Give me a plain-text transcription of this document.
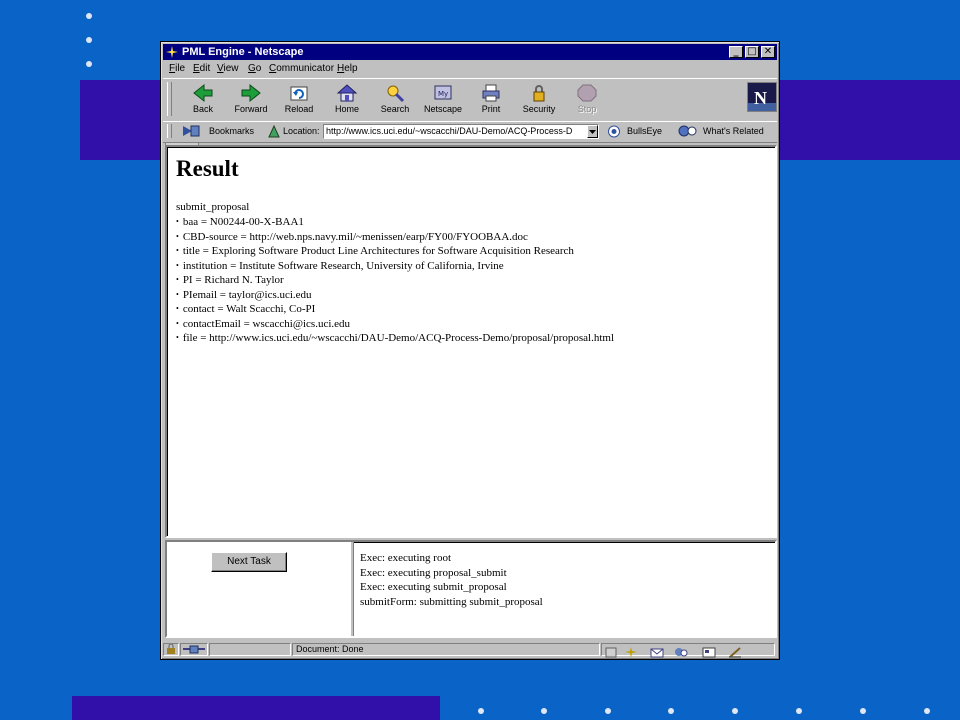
PML Engine - Netscape	_ □ ✕
File Edit View Go Communicator Help
Back	Forward	Reload	Home	Search
My
Netscape	Print	Security	Stop
N
Bookmarks	Location: http://www.ics.uci.edu/~wscacchi/DAU-Demo/ACQ-Process-D	BullsEye	What's Related
Result
submit_proposal
• baa = N00244-00-X-BAA1
• CBD-source = http://web.nps.navy.mil/~menissen/earp/FY00/FYOOBAA.doc
• title = Exploring Software Product Line Architectures for Software Acquisition Research
• institution = Institute Software Research, University of California, Irvine
• PI = Richard N. Taylor
• PIemail = taylor@ics.uci.edu
• contact = Walt Scacchi, Co-PI
• contactEmail = wscacchi@ics.uci.edu
• file = http://www.ics.uci.edu/~wscacchi/DAU-Demo/ACQ-Process-Demo/proposal/proposal.html
Next Task	Exec: executing root
Exec: executing proposal_submit
Exec: executing submit_proposal
submitForm: submitting submit_proposal
Document: Done
